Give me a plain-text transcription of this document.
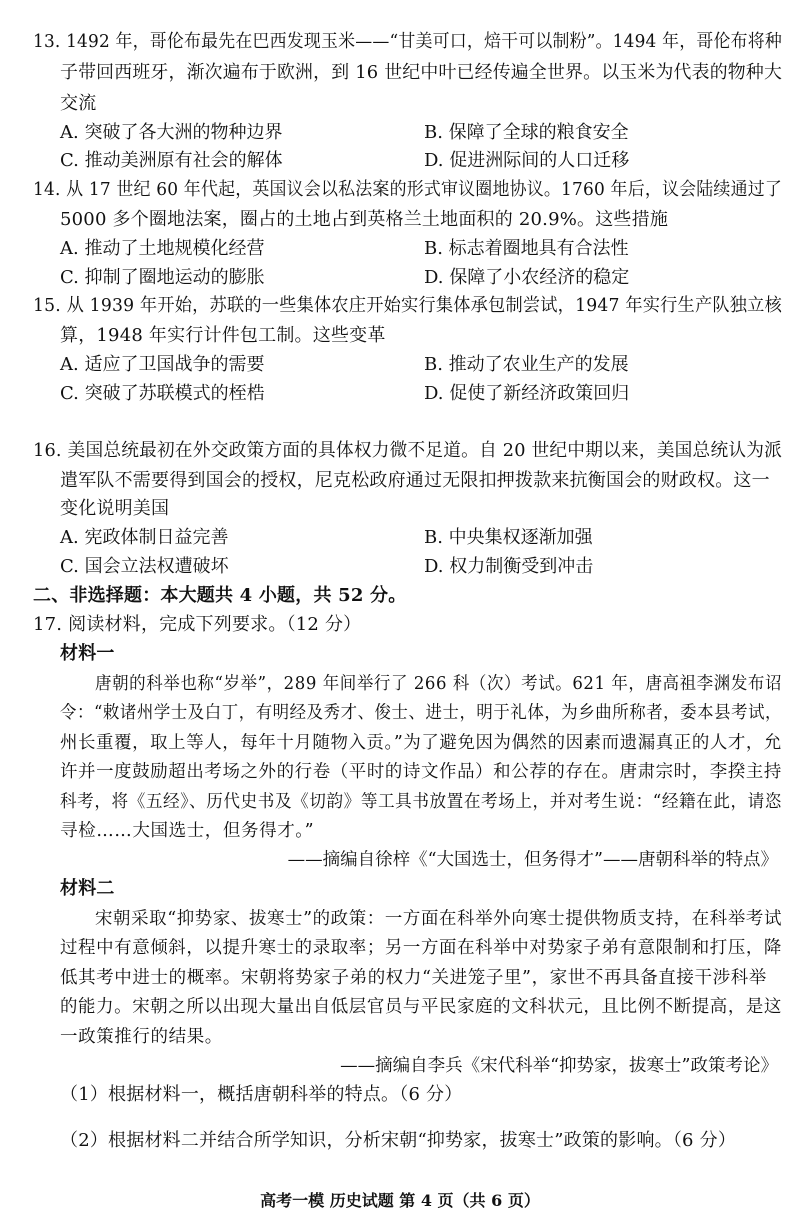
13. 1492 年，哥伦布最先在巴西发现玉米——“甘美可口，焙干可以制粉”。1494 年，哥伦布将种
子带回西班牙，渐次遍布于欧洲，到 16 世纪中叶已经传遍全世界。以玉米为代表的物种大
交流
A. 突破了各大洲的物种边界	B. 保障了全球的粮食安全
C. 推动美洲原有社会的解体	D. 促进洲际间的人口迁移
14. 从 17 世纪 60 年代起，英国议会以私法案的形式审议圈地协议。1760 年后，议会陆续通过了
5000 多个圈地法案，圈占的土地占到英格兰土地面积的 20.9%。这些措施
A. 推动了土地规模化经营	B. 标志着圈地具有合法性
C. 抑制了圈地运动的膨胀	D. 保障了小农经济的稳定
15. 从 1939 年开始，苏联的一些集体农庄开始实行集体承包制尝试，1947 年实行生产队独立核
算，1948 年实行计件包工制。这些变革
A. 适应了卫国战争的需要	B. 推动了农业生产的发展
C. 突破了苏联模式的桎梏	D. 促使了新经济政策回归
16. 美国总统最初在外交政策方面的具体权力微不足道。自 20 世纪中期以来，美国总统认为派
遣军队不需要得到国会的授权，尼克松政府通过无限扣押拨款来抗衡国会的财政权。这一
变化说明美国
A. 宪政体制日益完善	B. 中央集权逐渐加强
C. 国会立法权遭破坏	D. 权力制衡受到冲击
二、非选择题：本大题共 4 小题，共 52 分。
17. 阅读材料，完成下列要求。（12 分）
材料一
唐朝的科举也称“岁举”，289 年间举行了 266 科（次）考试。621 年，唐高祖李渊发布诏
令：“敕诸州学士及白丁，有明经及秀才、俊士、进士，明于礼体，为乡曲所称者，委本县考试，
州长重覆，取上等人，每年十月随物入贡。”为了避免因为偶然的因素而遗漏真正的人才，允
许并一度鼓励超出考场之外的行卷（平时的诗文作品）和公荐的存在。唐肃宗时，李揆主持
科考，将《五经》、历代史书及《切韵》等工具书放置在考场上，并对考生说：“经籍在此，请恣
寻检……大国选士，但务得才。”
——摘编自徐梓《“大国选士，但务得才”——唐朝科举的特点》
材料二
宋朝采取“抑势家、拔寒士”的政策：一方面在科举外向寒士提供物质支持，在科举考试
过程中有意倾斜，以提升寒士的录取率；另一方面在科举中对势家子弟有意限制和打压，降
低其考中进士的概率。宋朝将势家子弟的权力“关进笼子里”，家世不再具备直接干涉科举
的能力。宋朝之所以出现大量出自低层官员与平民家庭的文科状元，且比例不断提高，是这
一政策推行的结果。
——摘编自李兵《宋代科举“抑势家，拔寒士”政策考论》
（1）根据材料一，概括唐朝科举的特点。（6 分）
（2）根据材料二并结合所学知识，分析宋朝“抑势家，拔寒士”政策的影响。（6 分）
高考一模 历史试题 第 4 页（共 6 页）
